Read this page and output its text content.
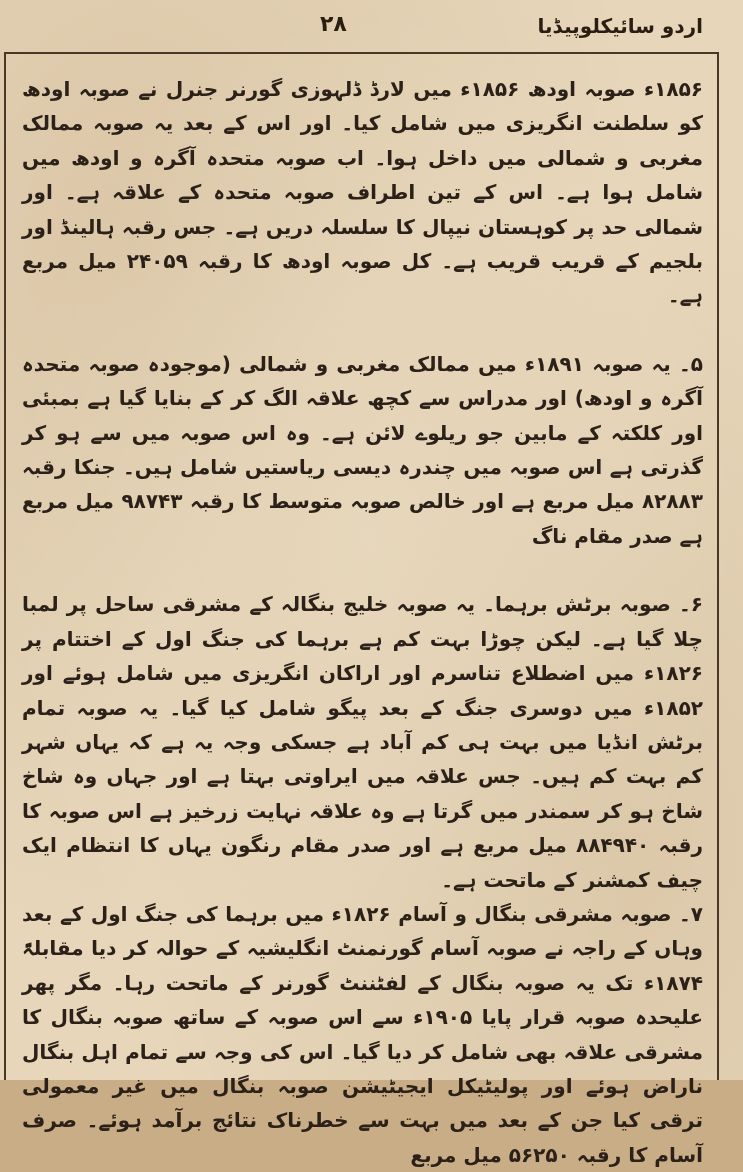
اردو سائیکلوپیڈیا
۲۸

۱۸۵۶ء صوبہ اودھ ۱۸۵۶ء میں لارڈ ڈلہوزی گورنر جنرل نے صوبہ اودھ کو سلطنت انگریزی میں شامل کیا۔ اور اس کے بعد یہ صوبہ ممالک مغربی و شمالی میں داخل ہوا۔ اب صوبہ متحدہ آگرہ و اودھ میں شامل ہوا ہے۔ اس کے تین اطراف صوبہ متحدہ کے علاقہ ہے۔ اور شمالی حد پر کوہستان نیپال کا سلسلہ دریں ہے۔ جس رقبہ ہالینڈ اور بلجیم کے قریب قریب ہے۔ کل صوبہ اودھ کا رقبہ ۲۴۰۵۹ میل مربع ہے۔

۵۔ یہ صوبہ ۱۸۹۱ء میں ممالک مغربی و شمالی (موجودہ صوبہ متحدہ آگرہ و اودھ) اور مدراس سے کچھ علاقہ الگ کر کے بنایا گیا ہے بمبئی اور کلکتہ کے مابین جو ریلوے لائن ہے۔ وہ اس صوبہ میں سے ہو کر گذرتی ہے اس صوبہ میں چندرہ دیسی ریاستیں شامل ہیں۔ جنکا رقبہ ۸۲۸۸۳ میل مربع ہے اور خالص صوبہ متوسط کا رقبہ ۹۸۷۴۳ میل مربع ہے صدر مقام ناگ

۶۔ صوبہ برٹش برہما۔ یہ صوبہ خلیج بنگالہ کے مشرقی ساحل پر لمبا چلا گیا ہے۔ لیکن چوڑا بہت کم ہے برہما کی جنگ اول کے اختتام پر ۱۸۲۶ء میں اضطلاع تناسرم اور اراکان انگریزی میں شامل ہوئے اور ۱۸۵۲ء میں دوسری جنگ کے بعد پیگو شامل کیا گیا۔ یہ صوبہ تمام برٹش انڈیا میں بہت ہی کم آباد ہے جسکی وجہ یہ ہے کہ یہاں شہر کم بہت کم ہیں۔ جس علاقہ میں ایراوتی بہتا ہے اور جہاں وہ شاخ شاخ ہو کر سمندر میں گرتا ہے وہ علاقہ نہایت زرخیز ہے اس صوبہ کا رقبہ ۸۸۴۹۴۰ میل مربع ہے اور صدر مقام رنگون یہاں کا انتظام ایک چیف کمشنر کے ماتحت ہے۔

۷۔ صوبہ مشرقی بنگال و آسام ۱۸۲۶ء میں برہما کی جنگ اول کے بعد وہاں کے راجہ نے صوبہ آسام گورنمنٹ انگلیشیہ کے حوالہ کر دیا مقابلۃً ۱۸۷۴ء تک یہ صوبہ بنگال کے لفٹننٹ گورنر کے ماتحت رہا۔ مگر پھر علیحدہ صوبہ قرار پایا ۱۹۰۵ء سے اس صوبہ کے ساتھ صوبہ بنگال کا مشرقی علاقہ بھی شامل کر دیا گیا۔ اس کی وجہ سے تمام اہل بنگال ناراض ہوئے اور پولیٹیکل ایجیٹیشن صوبہ بنگال میں غیر معمولی ترقی کیا جن کے بعد میں بہت سے خطرناک نتائج برآمد ہوئے۔ صرف آسام کا رقبہ ۵۶۲۵۰ میل مربع
